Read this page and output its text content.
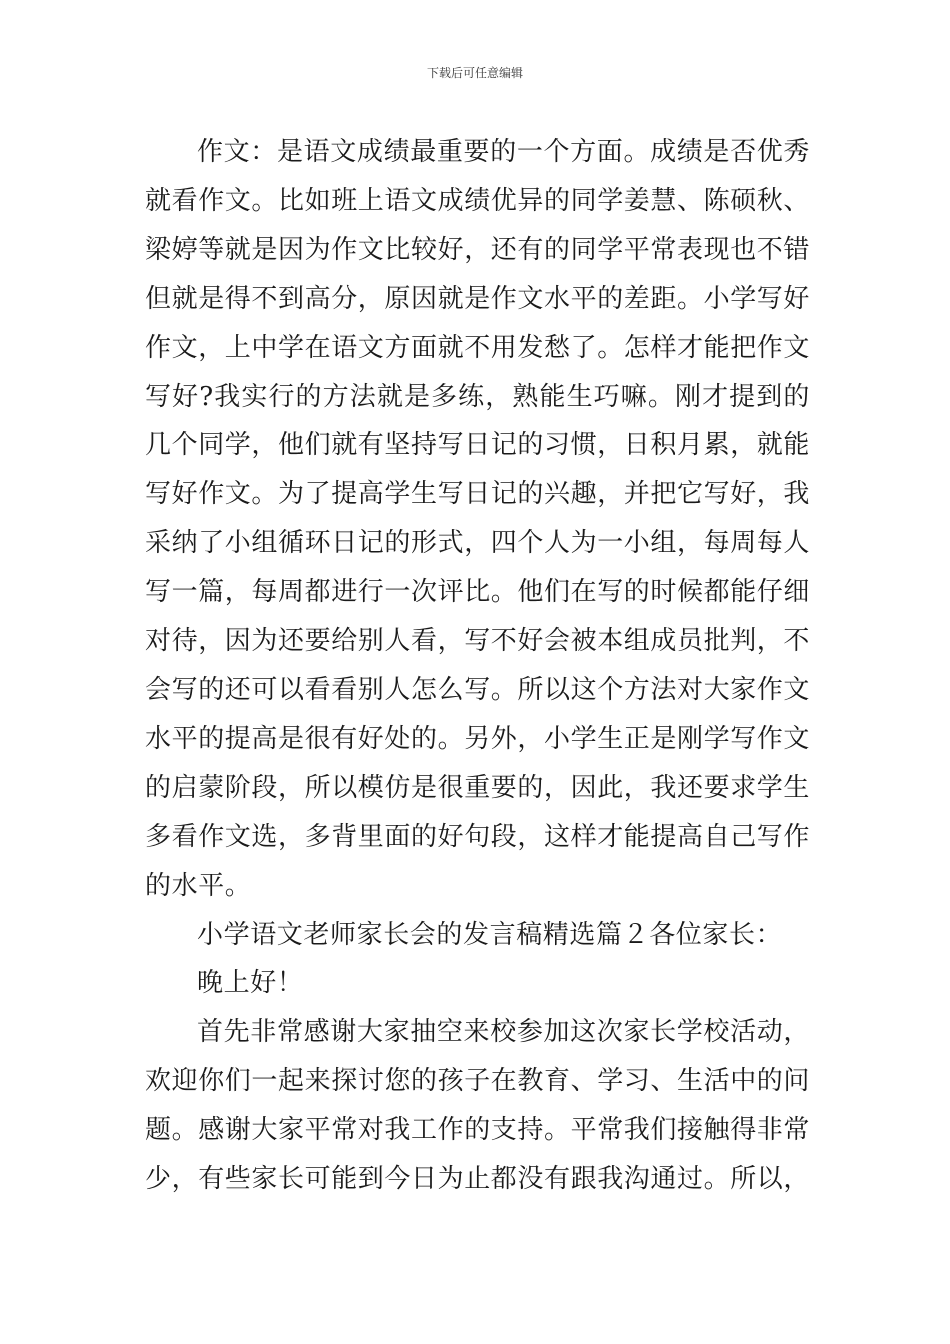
下载后可任意编辑

作文：是语文成绩最重要的一个方面。成绩是否优秀就看作文。比如班上语文成绩优异的同学姜慧、陈硕秋、梁婷等就是因为作文比较好，还有的同学平常表现也不错但就是得不到高分，原因就是作文水平的差距。小学写好作文，上中学在语文方面就不用发愁了。怎样才能把作文写好?我实行的方法就是多练，熟能生巧嘛。刚才提到的几个同学，他们就有坚持写日记的习惯，日积月累，就能写好作文。为了提高学生写日记的兴趣，并把它写好，我采纳了小组循环日记的形式，四个人为一小组，每周每人写一篇，每周都进行一次评比。他们在写的时候都能仔细对待，因为还要给别人看，写不好会被本组成员批判，不会写的还可以看看别人怎么写。所以这个方法对大家作文水平的提高是很有好处的。另外，小学生正是刚学写作文的启蒙阶段，所以模仿是很重要的，因此，我还要求学生多看作文选，多背里面的好句段，这样才能提高自己写作的水平。

小学语文老师家长会的发言稿精选篇２各位家长：

晚上好！

首先非常感谢大家抽空来校参加这次家长学校活动，欢迎你们一起来探讨您的孩子在教育、学习、生活中的问题。感谢大家平常对我工作的支持。平常我们接触得非常少，有些家长可能到今日为止都没有跟我沟通过。所以，
